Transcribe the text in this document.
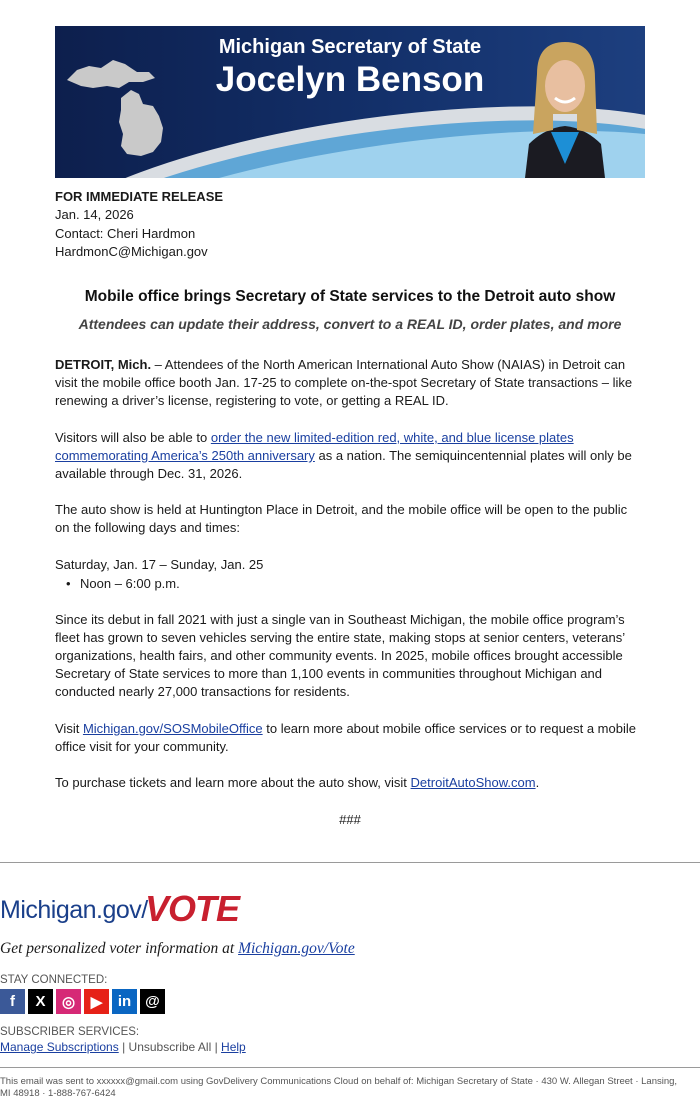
Michigan Secretary of State
Jocelyn Benson
FOR IMMEDIATE RELEASE
Jan. 14, 2026
Contact: Cheri Hardmon
HardmonC@Michigan.gov
Mobile office brings Secretary of State services to the Detroit auto show
Attendees can update their address, convert to a REAL ID, order plates, and more

DETROIT, Mich. – Attendees of the North American International Auto Show (NAIAS) in Detroit can visit the mobile office booth Jan. 17-25 to complete on-the-spot Secretary of State transactions – like renewing a driver’s license, registering to vote, or getting a REAL ID.

Visitors will also be able to order the new limited-edition red, white, and blue license plates commemorating America’s 250th anniversary as a nation. The semiquincentennial plates will only be available through Dec. 31, 2026.

The auto show is held at Huntington Place in Detroit, and the mobile office will be open to the public on the following days and times:

Saturday, Jan. 17 – Sunday, Jan. 25

• Noon – 6:00 p.m.

Since its debut in fall 2021 with just a single van in Southeast Michigan, the mobile office program’s fleet has grown to seven vehicles serving the entire state, making stops at senior centers, veterans’ organizations, health fairs, and other community events. In 2025, mobile offices brought accessible Secretary of State services to more than 1,100 events in communities throughout Michigan and conducted nearly 27,000 transactions for residents.

Visit Michigan.gov/SOSMobileOffice to learn more about mobile office services or to request a mobile office visit for your community.

To purchase tickets and learn more about the auto show, visit DetroitAutoShow.com.

###
Michigan.gov/
VOTE
Get personalized voter information at Michigan.gov/Vote
STAY CONNECTED:
f	X	◎	▶	in @
SUBSCRIBER SERVICES:
Manage Subscriptions | Unsubscribe All | Help
This email was sent to xxxxxx@gmail.com using GovDelivery Communications Cloud on behalf of: Michigan Secretary of State · 430 W. Allegan Street · Lansing, MI 48918 · 1-888-767-6424
